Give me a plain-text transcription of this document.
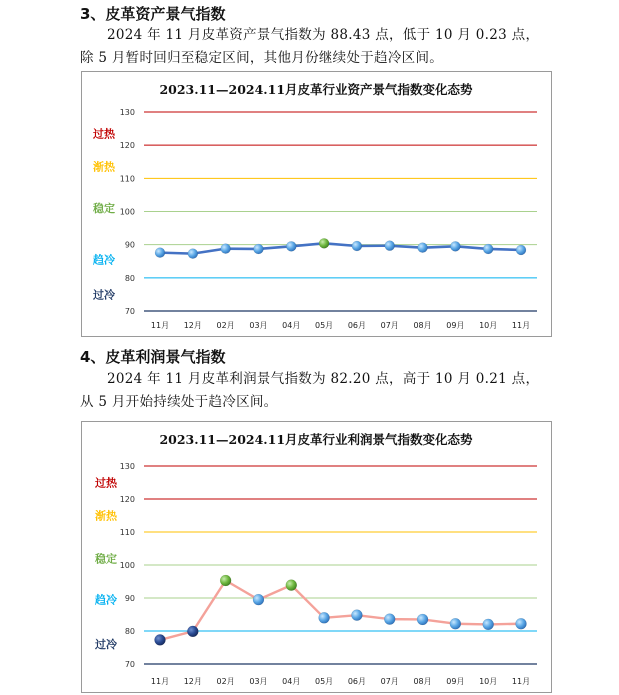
3、皮革资产景气指数

2024 年 11 月皮革资产景气指数为 88.43 点，低于 10 月 0.23 点，除 5 月暂时回归至稳定区间，其他月份继续处于趋冷区间。

2023.11—2024.11月皮革行业资产景气指数变化态势
70
80
90
100
110
120
130
过热
渐热
稳定
趋冷
过冷
11月 12月 02月 03月 04月 05月 06月 07月 08月 09月 10月 11月
4、皮革利润景气指数

2024 年 11 月皮革利润景气指数为 82.20 点，高于 10 月 0.21 点，从 5 月开始持续处于趋冷区间。

2023.11—2024.11月皮革行业利润景气指数变化态势
70
80
90
100
110
120
130
过热
渐热
稳定
趋冷
过冷
11月 12月 02月 03月 04月 05月 06月 07月 08月 09月 10月 11月
